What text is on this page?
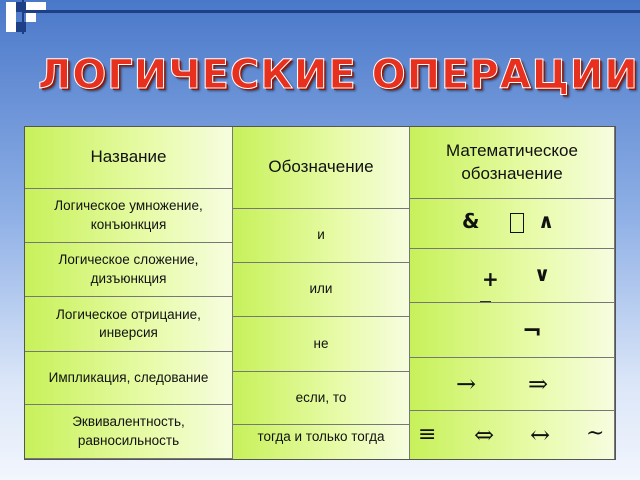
ЛОГИЧЕСКИЕ ОПЕРАЦИИ
Название
Обозначение
Математическое обозначение
Логическое умножение, конъюнкция
Логическое сложение, дизъюнкция
Логическое отрицание, инверсия
Импликация, следование
Эквивалентность, равносильность
и
или
не
если, то
тогда и только тогда
&	∧
+ ∨
‾
¬
→ ⇒
≡ ⇔ ↔ ~
